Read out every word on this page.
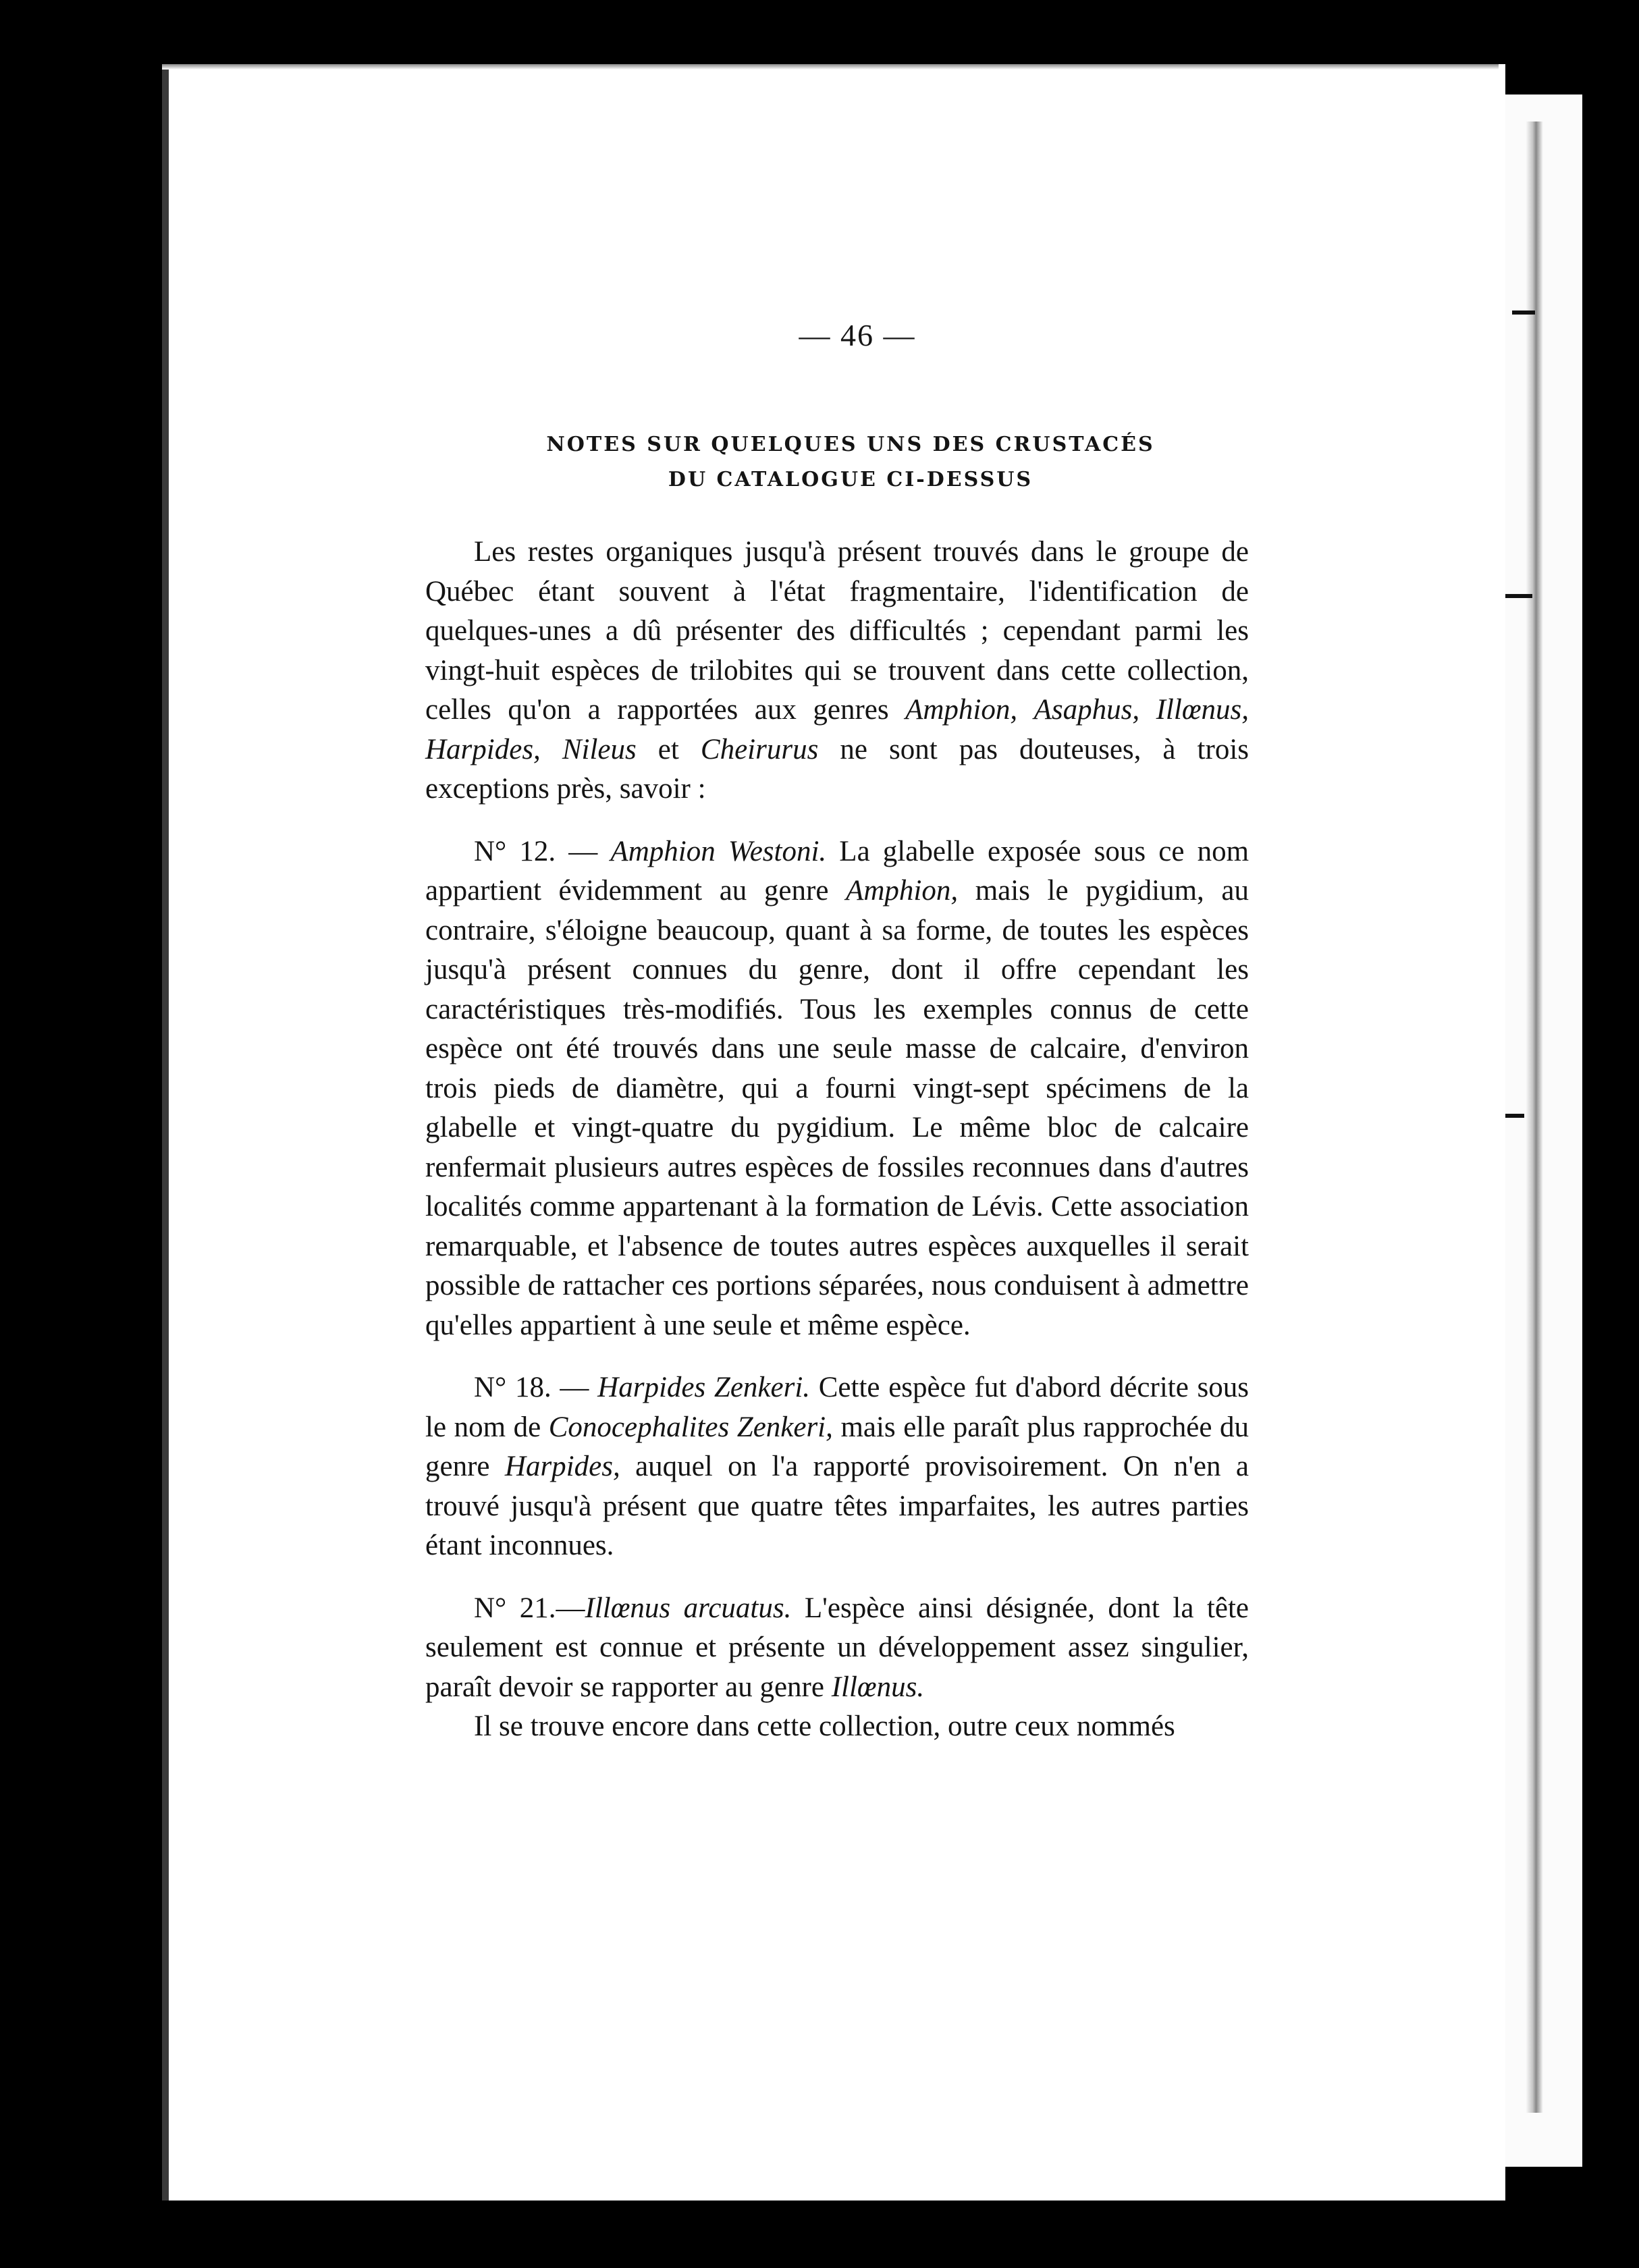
— 46 —
NOTES SUR QUELQUES UNS DES CRUSTACÉS
DU CATALOGUE CI-DESSUS

Les restes organiques jusqu'à présent trouvés dans le groupe de Québec étant souvent à l'état fragmentaire, l'identification de quelques-unes a dû présenter des difficultés ; cependant parmi les vingt-huit espèces de trilobites qui se trouvent dans cette collection, celles qu'on a rapportées aux genres Amphion, Asaphus, Illœnus, Harpides, Nileus et Cheirurus ne sont pas douteuses, à trois exceptions près, savoir :

N° 12. — Amphion Westoni. La glabelle exposée sous ce nom appartient évidemment au genre Amphion, mais le pygidium, au contraire, s'éloigne beaucoup, quant à sa forme, de toutes les espèces jusqu'à présent connues du genre, dont il offre cependant les caractéristiques très-modifiés. Tous les exemples connus de cette espèce ont été trouvés dans une seule masse de calcaire, d'environ trois pieds de diamètre, qui a fourni vingt-sept spécimens de la glabelle et vingt-quatre du pygidium. Le même bloc de calcaire renfermait plusieurs autres espèces de fossiles reconnues dans d'autres localités comme appartenant à la formation de Lévis. Cette association remarquable, et l'absence de toutes autres espèces auxquelles il serait possible de rattacher ces portions séparées, nous conduisent à admettre qu'elles appartient à une seule et même espèce.

N° 18. — Harpides Zenkeri. Cette espèce fut d'abord décrite sous le nom de Conocephalites Zenkeri, mais elle paraît plus rapprochée du genre Harpides, auquel on l'a rapporté provisoirement. On n'en a trouvé jusqu'à présent que quatre têtes imparfaites, les autres parties étant inconnues.

N° 21.—Illœnus arcuatus. L'espèce ainsi désignée, dont la tête seulement est connue et présente un développement assez singulier, paraît devoir se rapporter au genre Illœnus.

Il se trouve encore dans cette collection, outre ceux nommés
